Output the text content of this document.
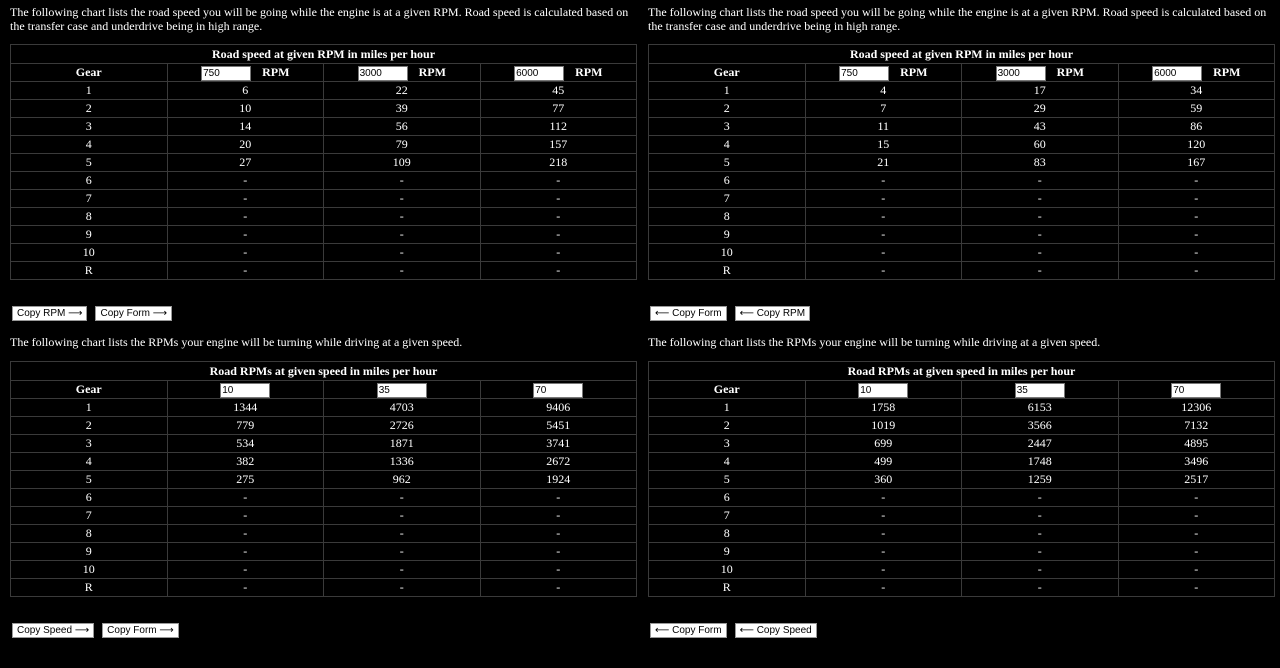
The following chart lists the road speed you will be going while the engine is at a given RPM. Road speed is calculated based on the transfer case and underdrive being in high range.

Road speed at given RPM in miles per hour			
Gear	750RPM	3000RPM	6000RPM
1	6	22	45
2	10	39	77
3	14	56	112
4	20	79	157
5	27	109	218
6	-	-	-
7	-	-	-
8	-	-	-
9	-	-	-
10	-	-	-
R	-	-	-
Copy RPM ⟶ Copy Form ⟶

The following chart lists the RPMs your engine will be turning while driving at a given speed.

Road RPMs at given speed in miles per hour			
Gear	10	35	70
1	1344	4703	9406
2	779	2726	5451
3	534	1871	3741
4	382	1336	2672
5	275	962	1924
6	-	-	-
7	-	-	-
8	-	-	-
9	-	-	-
10	-	-	-
R	-	-	-
Copy Speed ⟶ Copy Form ⟶

The following chart lists the road speed you will be going while the engine is at a given RPM. Road speed is calculated based on the transfer case and underdrive being in high range.

Road speed at given RPM in miles per hour			
Gear	750RPM	3000RPM	6000RPM
1	4	17	34
2	7	29	59
3	11	43	86
4	15	60	120
5	21	83	167
6	-	-	-
7	-	-	-
8	-	-	-
9	-	-	-
10	-	-	-
R	-	-	-
⟵ Copy Form ⟵ Copy RPM

The following chart lists the RPMs your engine will be turning while driving at a given speed.

Road RPMs at given speed in miles per hour			
Gear	10	35	70
1	1758	6153	12306
2	1019	3566	7132
3	699	2447	4895
4	499	1748	3496
5	360	1259	2517
6	-	-	-
7	-	-	-
8	-	-	-
9	-	-	-
10	-	-	-
R	-	-	-
⟵ Copy Form ⟵ Copy Speed
